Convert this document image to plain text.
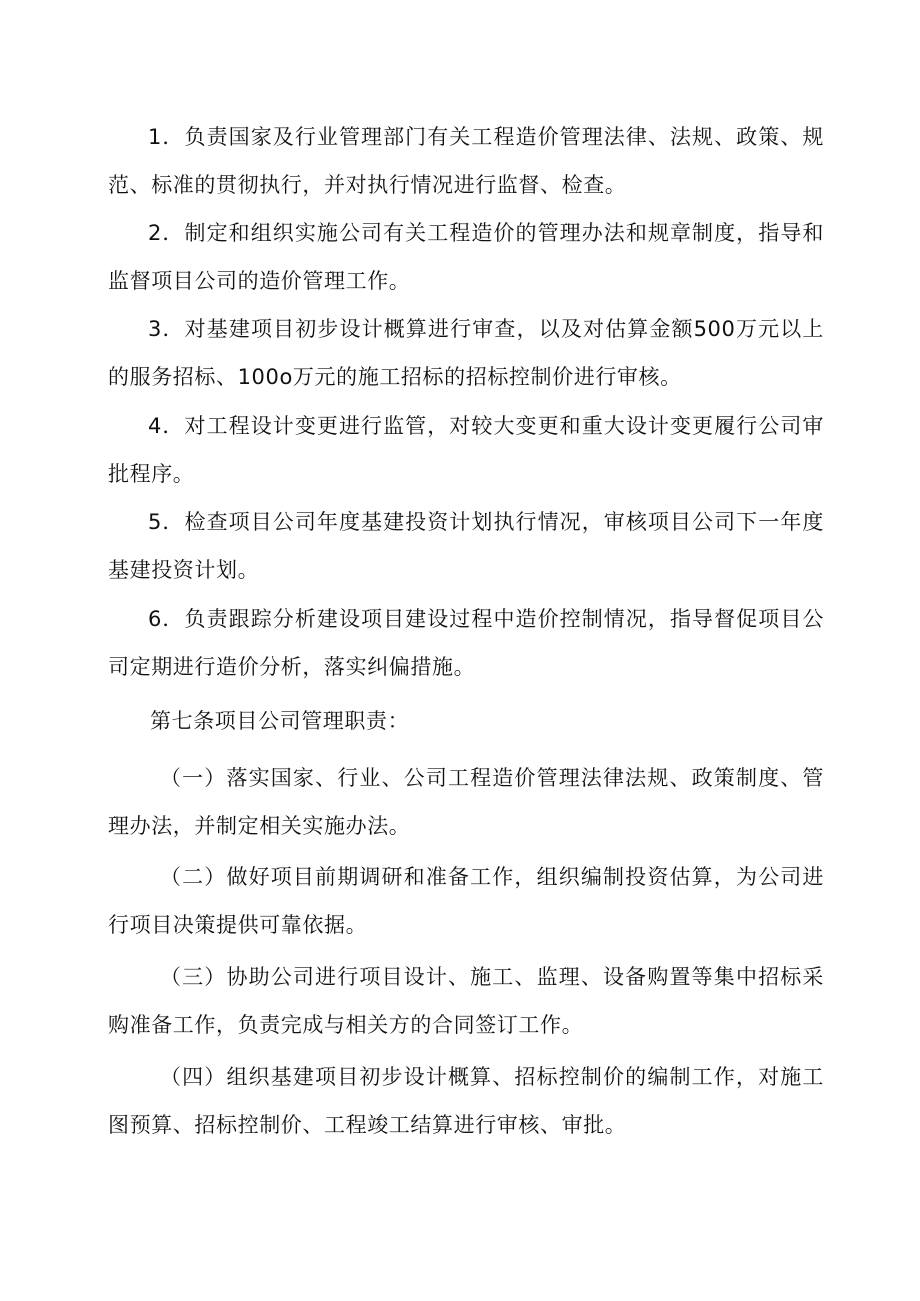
1．负责国家及行业管理部门有关工程造价管理法律、法规、政策、规范、标准的贯彻执行，并对执行情况进行监督、检查。

2．制定和组织实施公司有关工程造价的管理办法和规章制度，指导和监督项目公司的造价管理工作。

3．对基建项目初步设计概算进行审查，以及对估算金额500万元以上的服务招标、100o万元的施工招标的招标控制价进行审核。

4．对工程设计变更进行监管，对较大变更和重大设计变更履行公司审批程序。

5．检查项目公司年度基建投资计划执行情况，审核项目公司下一年度基建投资计划。

6．负责跟踪分析建设项目建设过程中造价控制情况，指导督促项目公司定期进行造价分析，落实纠偏措施。

第七条项目公司管理职责：

（一）落实国家、行业、公司工程造价管理法律法规、政策制度、管理办法，并制定相关实施办法。

（二）做好项目前期调研和准备工作，组织编制投资估算，为公司进行项目决策提供可靠依据。

（三）协助公司进行项目设计、施工、监理、设备购置等集中招标采购准备工作，负责完成与相关方的合同签订工作。

（四）组织基建项目初步设计概算、招标控制价的编制工作，对施工图预算、招标控制价、工程竣工结算进行审核、审批。
